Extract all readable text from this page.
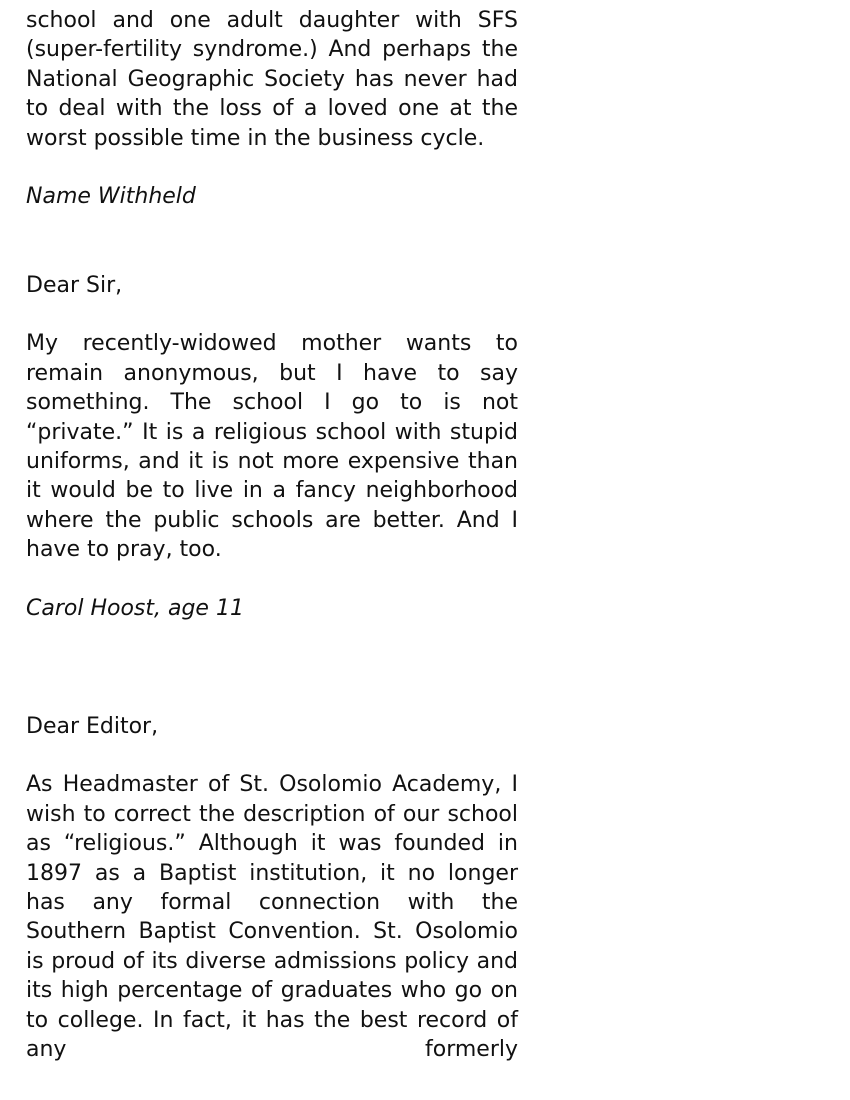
school and one adult daughter with SFS (super-fertility syndrome.) And perhaps the National Geographic Society has never had to deal with the loss of a loved one at the worst possible time in the business cycle.

Name Withheld

Dear Sir,

My recently-widowed mother wants to remain anonymous, but I have to say something. The school I go to is not “private.” It is a religious school with stupid uniforms, and it is not more expensive than it would be to live in a fancy neighborhood where the public schools are better. And I have to pray, too.

Carol Hoost, age 11

Dear Editor,

As Headmaster of St. Osolomio Academy, I wish to correct the description of our school as “religious.” Although it was founded in 1897 as a Baptist institution, it no longer has any formal connection with the Southern Baptist Convention. St. Osolomio is proud of its diverse admissions policy and its high percentage of graduates who go on to college. In fact, it has the best record of any formerly
